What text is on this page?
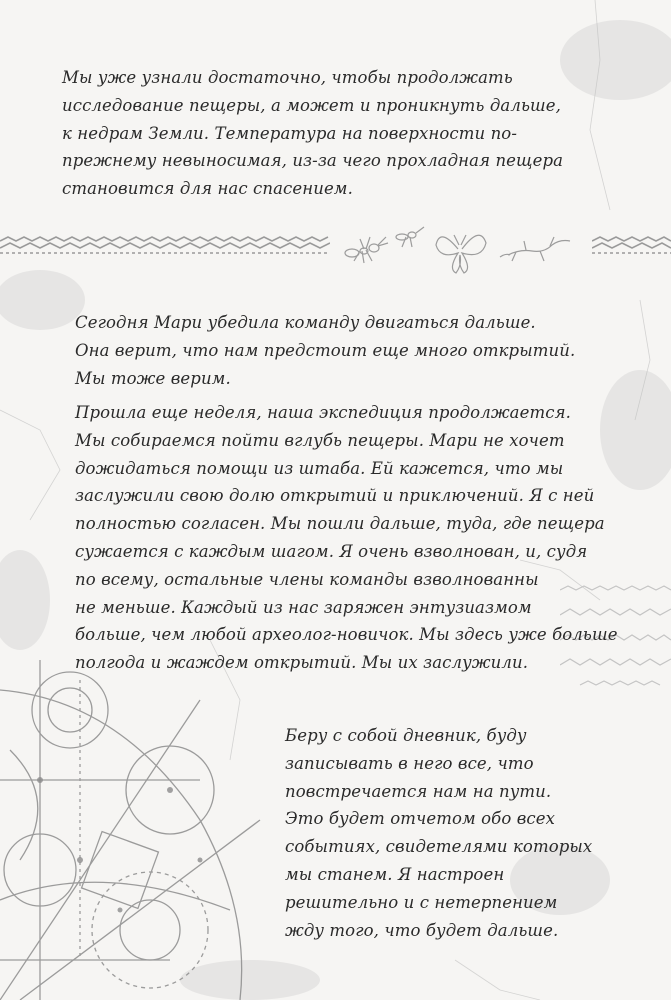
Мы уже узнали достаточно, чтобы продолжать
исследование пещеры, а может и проникнуть дальше,
к недрам Земли. Температура на поверхности по-
прежнему невыносимая, из-за чего прохладная пещера
становится для нас спасением.
Сегодня Мари убедила команду двигаться дальше.
Она верит, что нам предстоит еще много открытий.
Мы тоже верим.
Прошла еще неделя, наша экспедиция продолжается.
Мы собираемся пойти вглубь пещеры. Мари не хочет
дожидаться помощи из штаба. Ей кажется, что мы
заслужили свою долю открытий и приключений. Я с ней
полностью согласен. Мы пошли дальше, туда, где пещера
сужается с каждым шагом. Я очень взволнован, и, судя
по всему, остальные члены команды взволнованны
не меньше. Каждый из нас заряжен энтузиазмом
больше, чем любой археолог-новичок. Мы здесь уже больше
полгода и жаждем открытий. Мы их заслужили.
Беру с собой дневник, буду
записывать в него все, что
повстречается нам на пути.
Это будет отчетом обо всех
событиях, свидетелями которых
мы станем. Я настроен
решительно и с нетерпением
жду того, что будет дальше.
